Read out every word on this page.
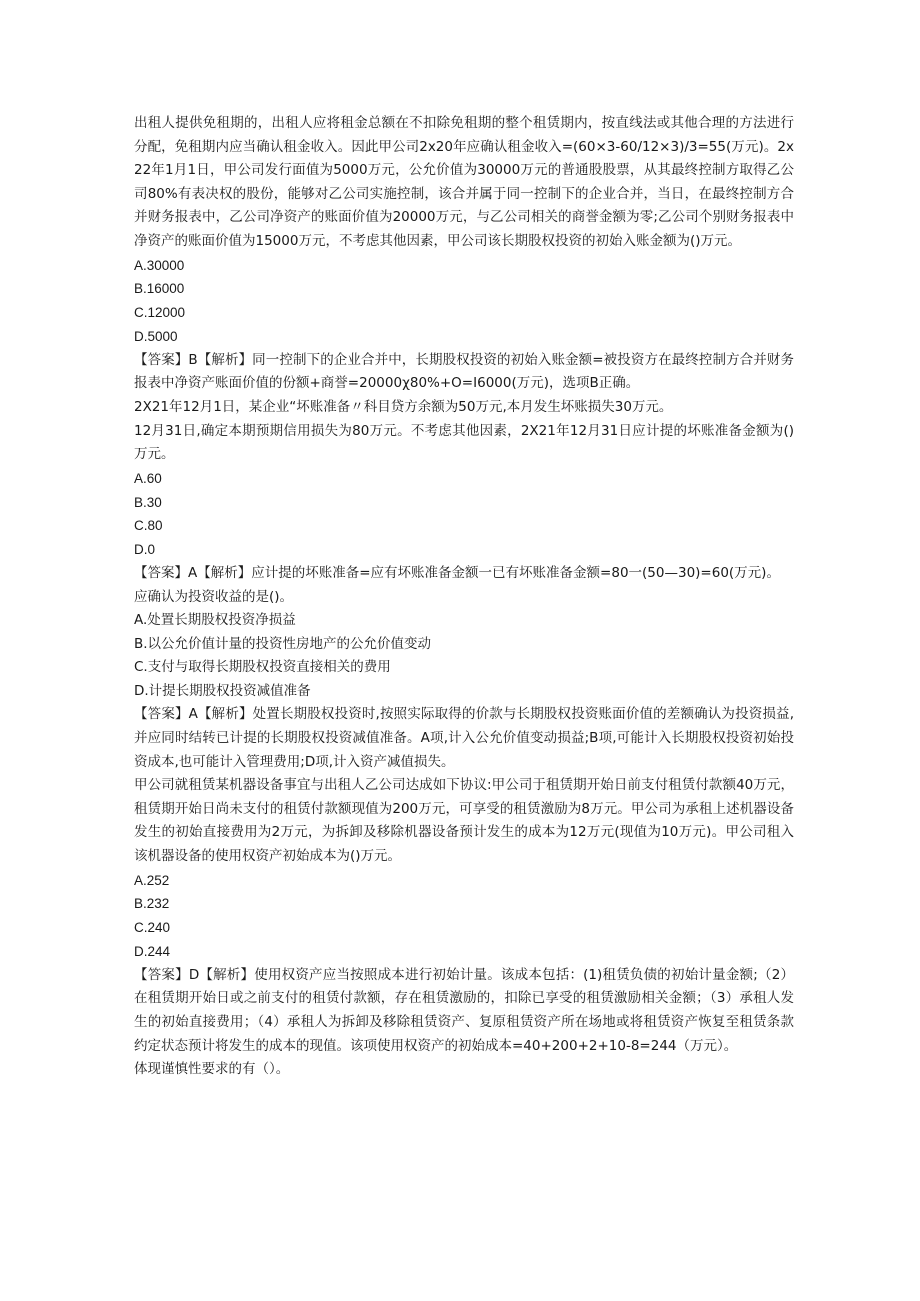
出租人提供免租期的，出租人应将租金总额在不扣除免租期的整个租赁期内，按直线法或其他合理的方法进行分配，免租期内应当确认租金收入。因此甲公司2x20年应确认租金收入=(60×3-60/12×3)/3=55(万元)。2x22年1月1日，甲公司发行面值为5000万元，公允价值为30000万元的普通股股票，从其最终控制方取得乙公司80%有表决权的股份，能够对乙公司实施控制，该合并属于同一控制下的企业合并，当日，在最终控制方合并财务报表中，乙公司净资产的账面价值为20000万元，与乙公司相关的商誉金额为零;乙公司个别财务报表中净资产的账面价值为15000万元，不考虑其他因素，甲公司该长期股权投资的初始入账金额为()万元。

A.30000

B.16000

C.12000

D.5000

【答案】B【解析】同一控制下的企业合并中，长期股权投资的初始入账金额=被投资方在最终控制方合并财务报表中净资产账面价值的份额+商誉=20000χ80%+O=I6000(万元)，选项B正确。

2X21年12月1日，某企业“坏账准备〃科目贷方余额为50万元,本月发生坏账损失30万元。

12月31日,确定本期预期信用损失为80万元。不考虑其他因素，2X21年12月31日应计提的坏账准备金额为()万元。

A.60

B.30

C.80

D.0

【答案】A【解析】应计提的坏账准备=应有坏账准备金额一已有坏账准备金额=80一(50—30)=60(万元)。

应确认为投资收益的是()。

A.处置长期股权投资净损益

B.以公允价值计量的投资性房地产的公允价值变动

C.支付与取得长期股权投资直接相关的费用

D.计提长期股权投资减值准备

【答案】A【解析】处置长期股权投资时,按照实际取得的价款与长期股权投资账面价值的差额确认为投资损益,并应同时结转已计提的长期股权投资减值准备。A项,计入公允价值变动损益;B项,可能计入长期股权投资初始投资成本,也可能计入管理费用;D项,计入资产减值损失。

甲公司就租赁某机器设备事宜与出租人乙公司达成如下协议:甲公司于租赁期开始日前支付租赁付款额40万元，租赁期开始日尚未支付的租赁付款额现值为200万元，可享受的租赁激励为8万元。甲公司为承租上述机器设备发生的初始直接费用为2万元，为拆卸及移除机器设备预计发生的成本为12万元(现值为10万元)。甲公司租入该机器设备的使用权资产初始成本为()万元。

A.252

B.232

C.240

D.244

【答案】D【解析】使用权资产应当按照成本进行初始计量。该成本包括：(1)租赁负债的初始计量金额;（2）在租赁期开始日或之前支付的租赁付款额，存在租赁激励的，扣除已享受的租赁激励相关金额；（3）承租人发生的初始直接费用；（4）承租人为拆卸及移除租赁资产、复原租赁资产所在场地或将租赁资产恢复至租赁条款约定状态预计将发生的成本的现值。该项使用权资产的初始成本=40+200+2+10-8=244（万元）。

体现谨慎性要求的有（）。
